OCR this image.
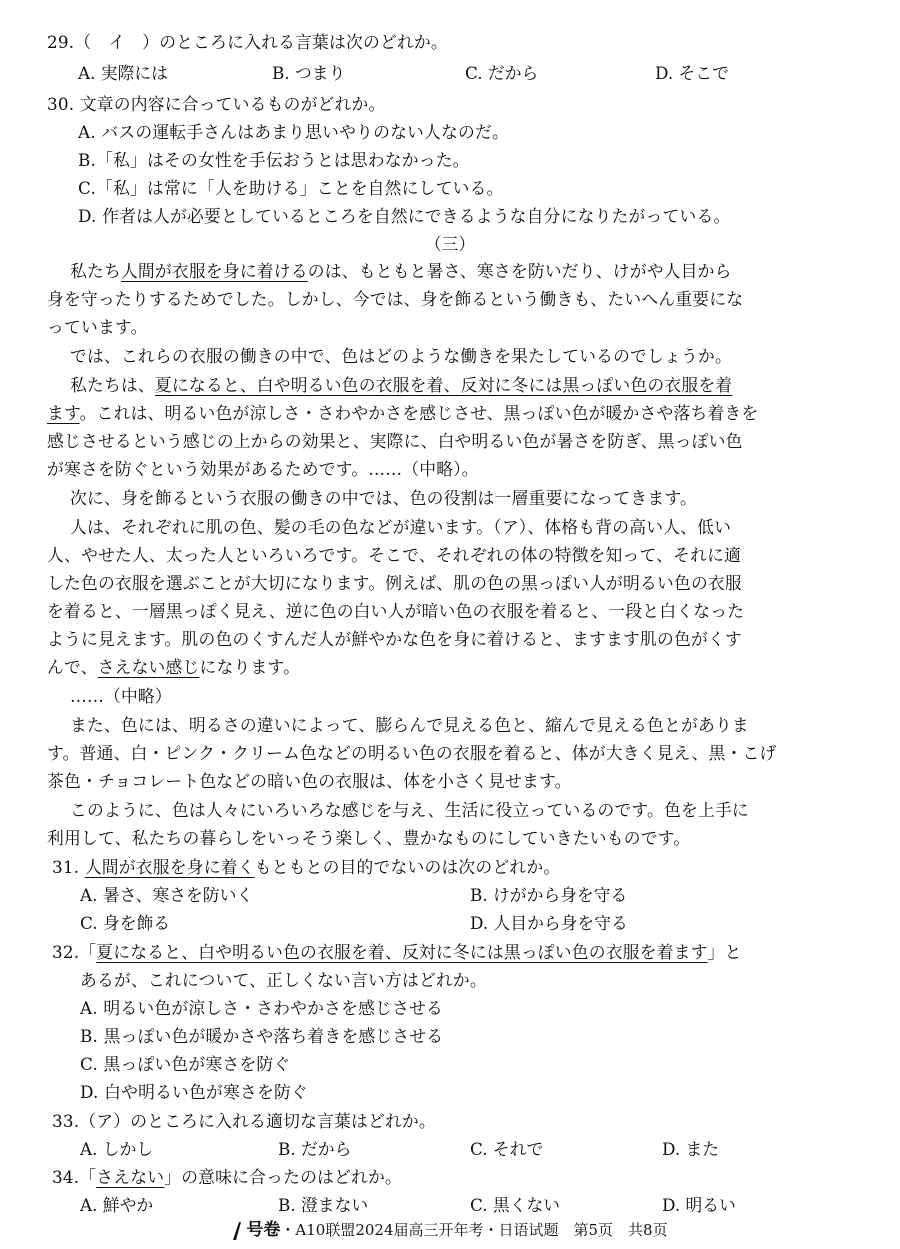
29.（　イ　）のところに入れる言葉は次のどれか。
A. 実際には	B. つまり	C. だから	D. そこで
30. 文章の内容に合っているものがどれか。
A. バスの運転手さんはあまり思いやりのない人なのだ。
B.「私」はその女性を手伝おうとは思わなかった。
C.「私」は常に「人を助ける」ことを自然にしている。
D. 作者は人が必要としているところを自然にできるような自分になりたがっている。
（三）
私たち人間が衣服を身に着けるのは、もともと暑さ、寒さを防いだり、けがや人目から
身を守ったりするためでした。しかし、今では、身を飾るという働きも、たいへん重要にな
っています。
では、これらの衣服の働きの中で、色はどのような働きを果たしているのでしょうか。
私たちは、夏になると、白や明るい色の衣服を着、反対に冬には黒っぽい色の衣服を着
ます。これは、明るい色が涼しさ・さわやかさを感じさせ、黒っぽい色が暖かさや落ち着きを
感じさせるという感じの上からの効果と、実際に、白や明るい色が暑さを防ぎ、黒っぽい色
が寒さを防ぐという効果があるためです。……（中略）。
次に、身を飾るという衣服の働きの中では、色の役割は一層重要になってきます。
人は、それぞれに肌の色、髪の毛の色などが違います。（ア）、体格も背の高い人、低い
人、やせた人、太った人といろいろです。そこで、それぞれの体の特徴を知って、それに適
した色の衣服を選ぶことが大切になります。例えば、肌の色の黒っぽい人が明るい色の衣服
を着ると、一層黒っぽく見え、逆に色の白い人が暗い色の衣服を着ると、一段と白くなった
ように見えます。肌の色のくすんだ人が鮮やかな色を身に着けると、ますます肌の色がくす
んで、さえない感じになります。
……（中略）
また、色には、明るさの違いによって、膨らんで見える色と、縮んで見える色とがありま
す。普通、白・ピンク・クリーム色などの明るい色の衣服を着ると、体が大きく見え、黒・こげ
茶色・チョコレート色などの暗い色の衣服は、体を小さく見せます。
このように、色は人々にいろいろな感じを与え、生活に役立っているのです。色を上手に
利用して、私たちの暮らしをいっそう楽しく、豊かなものにしていきたいものです。
31. 人間が衣服を身に着くもともとの目的でないのは次のどれか。
A. 暑さ、寒さを防いく	B. けがから身を守る
C. 身を飾る	D. 人目から身を守る
32.「夏になると、白や明るい色の衣服を着、反対に冬には黒っぽい色の衣服を着ます」と
あるが、これについて、正しくない言い方はどれか。
A. 明るい色が涼しさ・さわやかさを感じさせる
B. 黒っぽい色が暖かさや落ち着きを感じさせる
C. 黒っぽい色が寒さを防ぐ
D. 白や明るい色が寒さを防ぐ
33.（ア）のところに入れる適切な言葉はどれか。
A. しかし	B. だから	C. それで	D. また
34.「さえない」の意味に合ったのはどれか。
A. 鮮やか	B. 澄まない	C. 黒くない	D. 明るい
号卷・A10联盟2024届高三开年考・日语试题　第5页　共8页
